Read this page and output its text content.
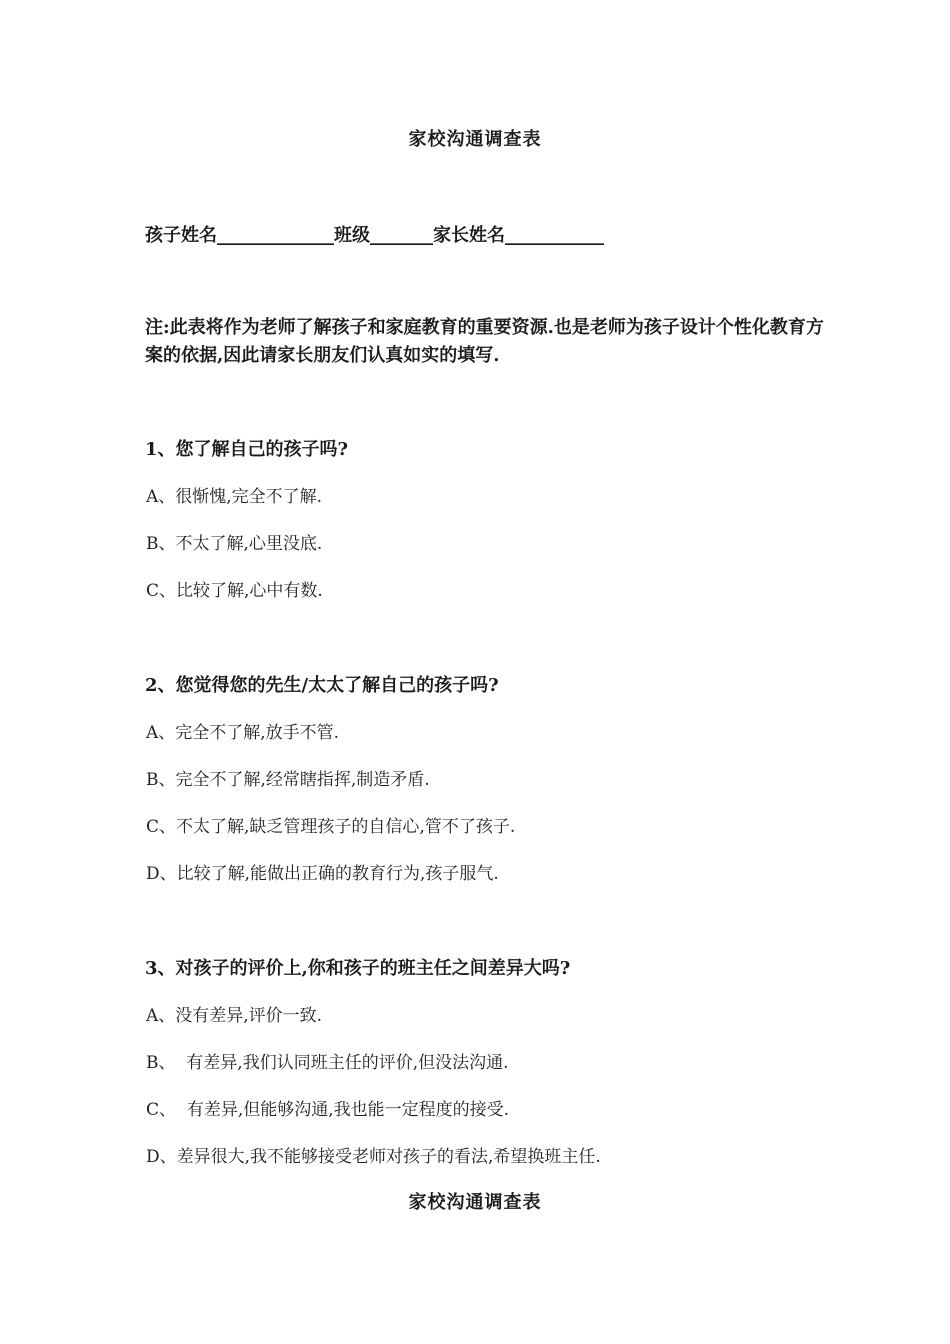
家校沟通调查表
孩子姓名_____________班级_______家长姓名___________
注:此表将作为老师了解孩子和家庭教育的重要资源.也是老师为孩子设计个性化教育方案的依据,因此请家长朋友们认真如实的填写.
1、您了解自己的孩子吗?
A、很惭愧,完全不了解.
B、不太了解,心里没底.
C、比较了解,心中有数.
2、您觉得您的先生/太太了解自己的孩子吗?
A、完全不了解,放手不管.
B、完全不了解,经常瞎指挥,制造矛盾.
C、不太了解,缺乏管理孩子的自信心,管不了孩子.
D、比较了解,能做出正确的教育行为,孩子服气.
3、对孩子的评价上,你和孩子的班主任之间差异大吗?
A、没有差异,评价一致.
B、  有差异,我们认同班主任的评价,但没法沟通.
C、  有差异,但能够沟通,我也能一定程度的接受.
D、差异很大,我不能够接受老师对孩子的看法,希望换班主任.
家校沟通调查表
